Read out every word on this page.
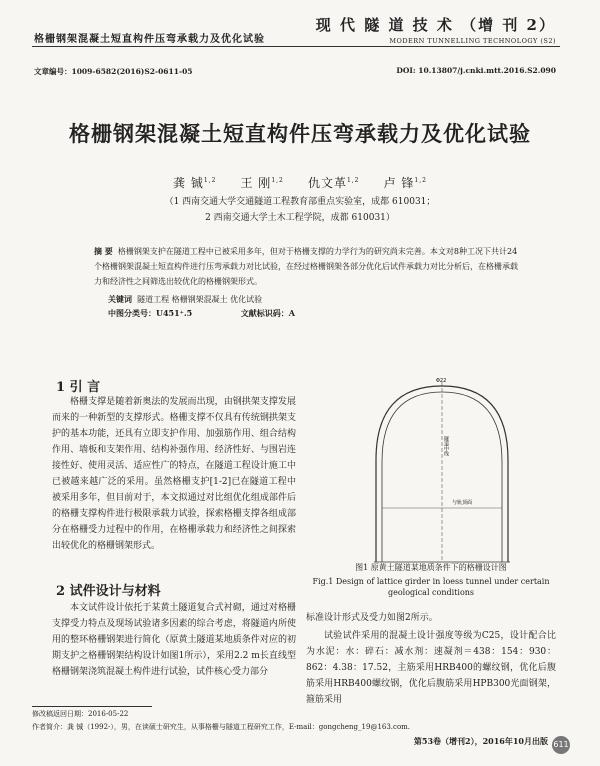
格栅钢架混凝土短直构件压弯承载力及优化试验
现 代 隧 道 技 术 （增 刊 2）
MODERN TUNNELLING TECHNOLOGY (S2)
文章编号：1009-6582(2016)S2-0611-05	DOI: 10.13807/j.cnki.mtt.2016.S2.090
格栅钢架混凝土短直构件压弯承载力及优化试验
龚 铖$^{1,2}$ 王 刚$^{1,2}$ 仇文革$^{1,2}$ 卢 锋$^{1,2}$
（1 西南交通大学交通隧道工程教育部重点实验室，成都 610031；
2 西南交通大学土木工程学院，成都 610031）
摘 要 格栅钢架支护在隧道工程中已被采用多年，但对于格栅支撑的力学行为的研究尚未完善。本文对8种工况下共计24个格栅钢架混凝土短直构件进行压弯承载力对比试验，在经过格栅钢架各部分优化后试件承载力对比分析后，在格栅承载力和经济性之间筛选出较优化的格栅钢架形式。
关键词 隧道工程 格栅钢架混凝土 优化试验
中图分类号：U451⁺.5	文献标识码：A
1 引 言
格栅支撑是随着新奥法的发展而出现，由钢拱架支撑发展而来的一种新型的支撑形式。格栅支撑不仅具有传统钢拱架支护的基本功能，还具有立即支护作用、加强筋作用、组合结构作用、墙板和支架作用、结构补强作用、经济性好、与围岩连接性好、使用灵活、适应性广的特点，在隧道工程设计施工中已被越来越广泛的采用。虽然格栅支护[1-2]已在隧道工程中被采用多年，但目前对于，本文拟通过对比组优化组成部件后的格栅支撑构件进行极限承载力试验，探索格栅支撑各组成部分在格栅受力过程中的作用，在格栅承载力和经济性之间探索出较优化的格栅钢架形式。
2 试件设计与材料
本文试件设计依托于某黄土隧道复合式衬砌，通过对格栅支撑受力特点及现场试验诸多因素的综合考虑，将隧道内所使用的整环格栅钢架进行简化（原黄土隧道某地质条件对应的初期支护之格栅钢架结构设计如图1所示），采用2.2 m长直线型格栅钢架浇筑混凝土构件进行试验，试件核心受力部分
Φ22
隧道中线
与轨顶面
图1 原黄土隧道某地质条件下的格栅设计图
Fig.1 Design of lattice girder in loess tunnel under certain geological conditions
标准设计形式及受力如图2所示。
试验试件采用的混凝土设计强度等级为C25，设计配合比为水泥：水：碎石：减水剂：速凝剂＝438：154：930：862：4.38：17.52，主筋采用HRB400的螺纹钢，优化后腹筋采用HRB400螺纹钢，优化后腹筋采用HPB300光面钢架，箍筋采用
修改稿返回日期：2016-05-22
作者简介：龚 铖（1992-），男，在读硕士研究生，从事格栅与隧道工程研究工作，E-mail：gongcheng_19@163.com.
第53卷（增刊2），2016年10月出版 611
